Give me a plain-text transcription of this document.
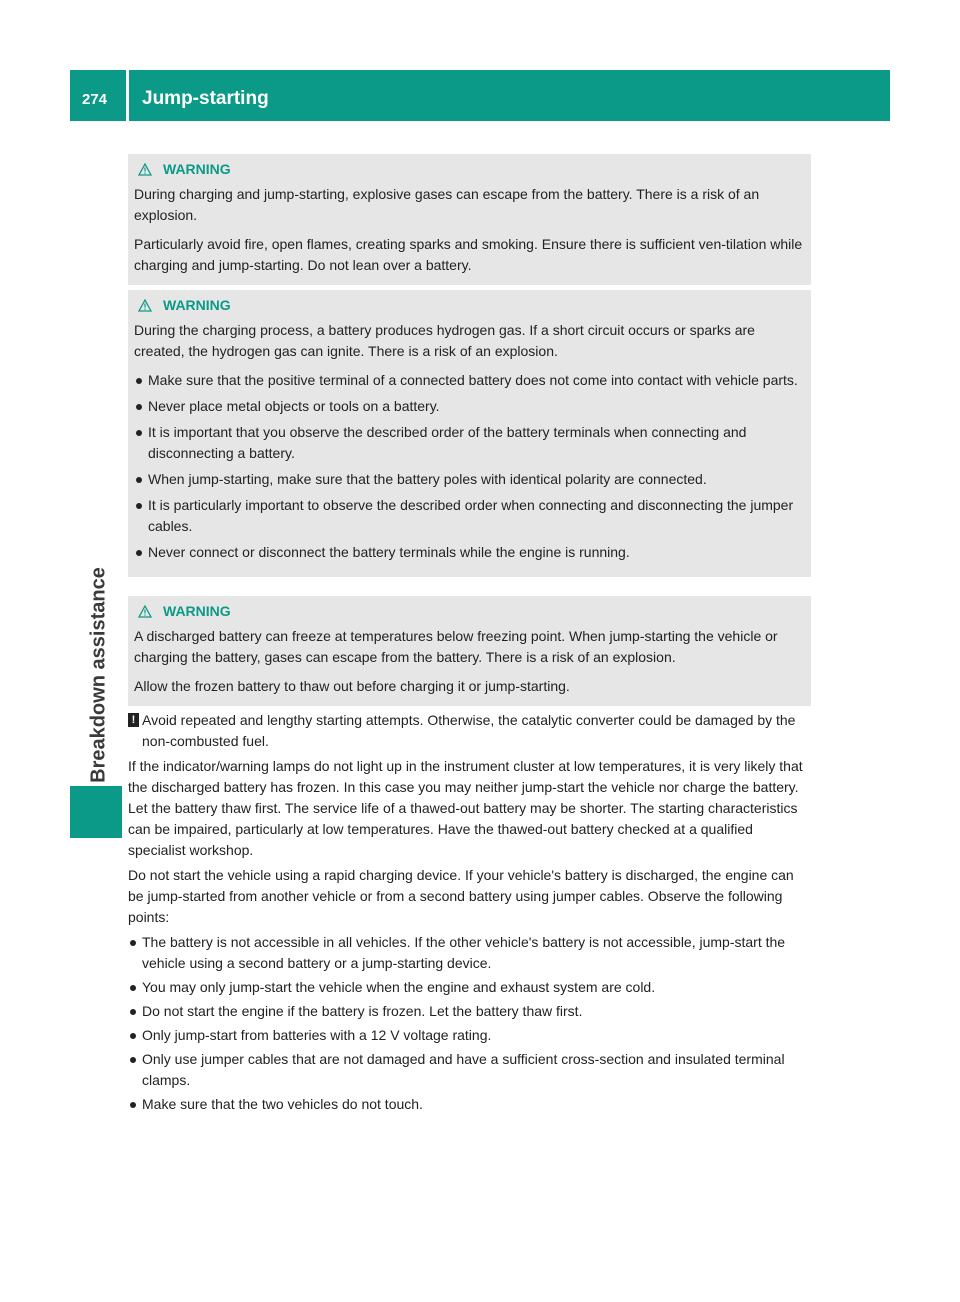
274 Jump-starting
Breakdown assistance
WARNING

During charging and jump-starting, explosive gases can escape from the battery. There is a risk of an explosion.

Particularly avoid fire, open flames, creating sparks and smoking. Ensure there is sufficient ven-tilation while charging and jump-starting. Do not lean over a battery.

WARNING

During the charging process, a battery produces hydrogen gas. If a short circuit occurs or sparks are created, the hydrogen gas can ignite. There is a risk of an explosion.

Make sure that the positive terminal of a connected battery does not come into contact with vehicle parts.
Never place metal objects or tools on a battery.
It is important that you observe the described order of the battery terminals when connecting and disconnecting a battery.
When jump-starting, make sure that the battery poles with identical polarity are connected.
It is particularly important to observe the described order when connecting and disconnecting the jumper cables.
Never connect or disconnect the battery terminals while the engine is running.
WARNING

A discharged battery can freeze at temperatures below freezing point. When jump-starting the vehicle or charging the battery, gases can escape from the battery. There is a risk of an explosion.

Allow the frozen battery to thaw out before charging it or jump-starting.

! Avoid repeated and lengthy starting attempts. Otherwise, the catalytic converter could be damaged by the non-combusted fuel.

If the indicator/warning lamps do not light up in the instrument cluster at low temperatures, it is very likely that the discharged battery has frozen. In this case you may neither jump-start the vehicle nor charge the battery. Let the battery thaw first. The service life of a thawed-out battery may be shorter. The starting characteristics can be impaired, particularly at low temperatures. Have the thawed-out battery checked at a qualified specialist workshop.

Do not start the vehicle using a rapid charging device. If your vehicle's battery is discharged, the engine can be jump-started from another vehicle or from a second battery using jumper cables. Observe the following points:

The battery is not accessible in all vehicles. If the other vehicle's battery is not accessible, jump-start the vehicle using a second battery or a jump-starting device.
You may only jump-start the vehicle when the engine and exhaust system are cold.
Do not start the engine if the battery is frozen. Let the battery thaw first.
Only jump-start from batteries with a 12 V voltage rating.
Only use jumper cables that are not damaged and have a sufficient cross-section and insulated terminal clamps.
Make sure that the two vehicles do not touch.
